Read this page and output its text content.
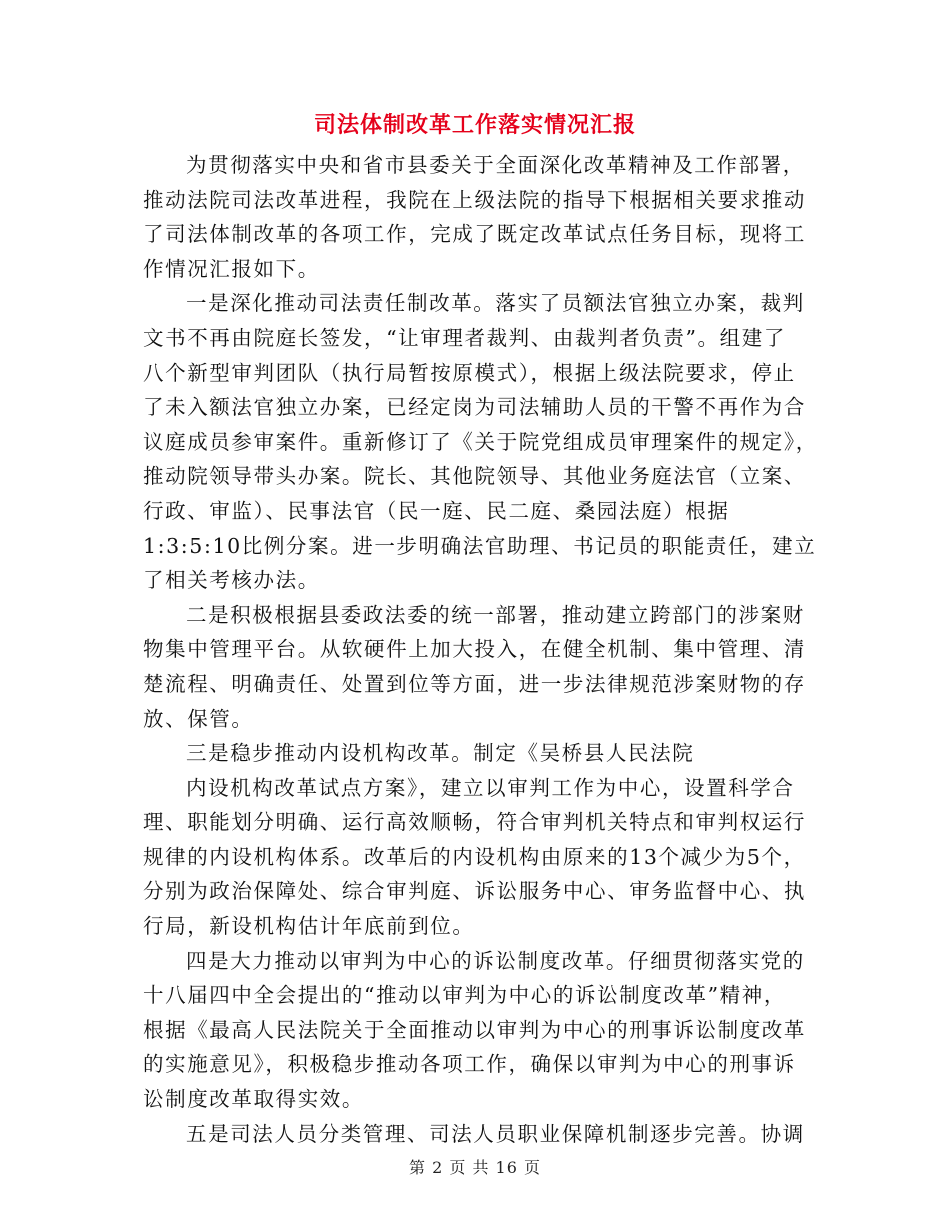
司法体制改革工作落实情况汇报
为贯彻落实中央和省市县委关于全面深化改革精神及工作部署，
推动法院司法改革进程，我院在上级法院的指导下根据相关要求推动
了司法体制改革的各项工作，完成了既定改革试点任务目标，现将工
作情况汇报如下。
一是深化推动司法责任制改革。落实了员额法官独立办案，裁判
文书不再由院庭长签发，“让审理者裁判、由裁判者负责”。组建了
八个新型审判团队（执行局暂按原模式），根据上级法院要求，停止
了未入额法官独立办案，已经定岗为司法辅助人员的干警不再作为合
议庭成员参审案件。重新修订了《关于院党组成员审理案件的规定》，
推动院领导带头办案。院长、其他院领导、其他业务庭法官（立案、
行政、审监）、民事法官（民一庭、民二庭、桑园法庭）根据
1:3:5:10比例分案。进一步明确法官助理、书记员的职能责任，建立
了相关考核办法。
二是积极根据县委政法委的统一部署，推动建立跨部门的涉案财
物集中管理平台。从软硬件上加大投入，在健全机制、集中管理、清
楚流程、明确责任、处置到位等方面，进一步法律规范涉案财物的存
放、保管。
三是稳步推动内设机构改革。制定《吴桥县人民法院
内设机构改革试点方案》，建立以审判工作为中心，设置科学合
理、职能划分明确、运行高效顺畅，符合审判机关特点和审判权运行
规律的内设机构体系。改革后的内设机构由原来的13个减少为5个，
分别为政治保障处、综合审判庭、诉讼服务中心、审务监督中心、执
行局，新设机构估计年底前到位。
四是大力推动以审判为中心的诉讼制度改革。仔细贯彻落实党的
十八届四中全会提出的“推动以审判为中心的诉讼制度改革”精神，
根据《最高人民法院关于全面推动以审判为中心的刑事诉讼制度改革
的实施意见》，积极稳步推动各项工作，确保以审判为中心的刑事诉
讼制度改革取得实效。
五是司法人员分类管理、司法人员职业保障机制逐步完善。协调
第 2 页 共 16 页
